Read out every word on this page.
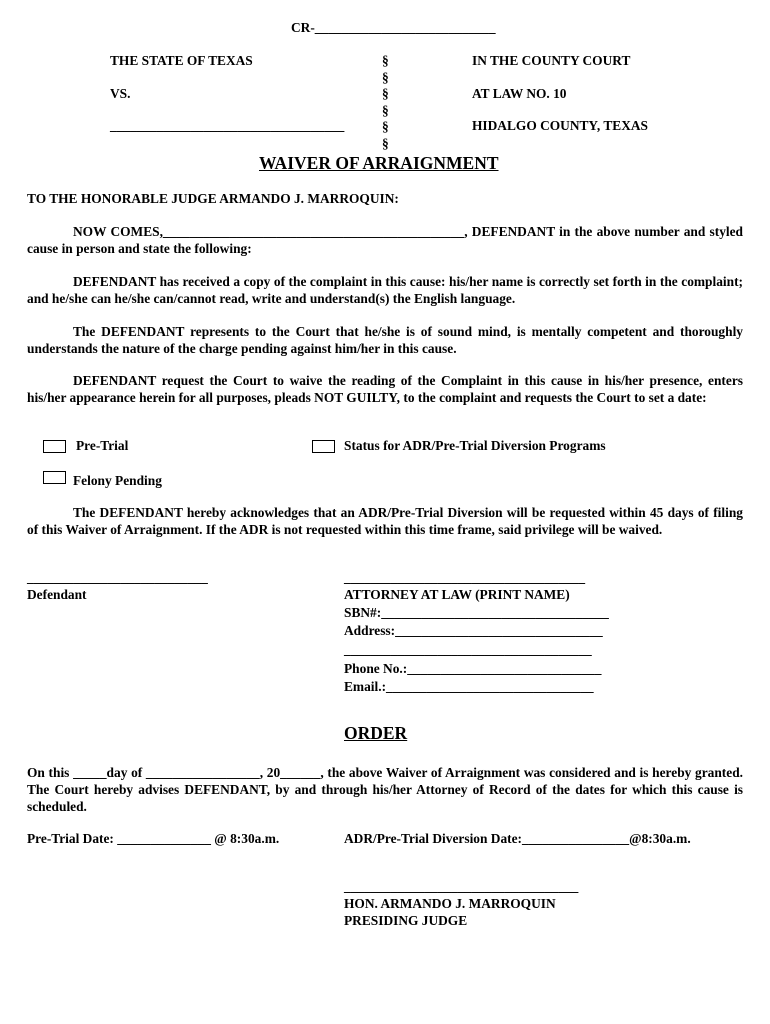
CR-___________________________
THE STATE OF TEXAS
VS.
___________________________________
§
§
§
§
§
§
IN THE COUNTY COURT
AT LAW NO. 10
HIDALGO COUNTY, TEXAS
WAIVER OF ARRAIGNMENT
TO THE HONORABLE JUDGE ARMANDO J. MARROQUIN:
NOW COMES,_____________________________________________, DEFENDANT in the above number and styled cause in person and state the following:
DEFENDANT has received a copy of the complaint in this cause: his/her name is correctly set forth in the complaint; and he/she can he/she can/cannot read, write and understand(s) the English language.
The DEFENDANT represents to the Court that he/she is of sound mind, is mentally competent and thoroughly understands the nature of the charge pending against him/her in this cause.
DEFENDANT request the Court to waive the reading of the Complaint in this cause in his/her presence, enters his/her appearance herein for all purposes, pleads NOT GUILTY, to the complaint and requests the Court to set a date:
Pre-Trial	Status for ADR/Pre-Trial Diversion Programs
Felony Pending
The DEFENDANT hereby acknowledges that an ADR/Pre-Trial Diversion will be requested within 45 days of filing of this Waiver of Arraignment. If the ADR is not requested within this time frame, said privilege will be waived.
___________________________
Defendant
____________________________________
ATTORNEY AT LAW (PRINT NAME)
SBN#:__________________________________
Address:_______________________________
_____________________________________
Phone No.:_____________________________
Email.:_______________________________
ORDER
On this _____day of _________________, 20______, the above Waiver of Arraignment was considered and is hereby granted. The Court hereby advises DEFENDANT, by and through his/her Attorney of Record of the dates for which this cause is scheduled.
Pre-Trial Date: ______________ @ 8:30a.m.	ADR/Pre-Trial Diversion Date:________________@8:30a.m.
___________________________________
HON. ARMANDO J. MARROQUIN
PRESIDING JUDGE
